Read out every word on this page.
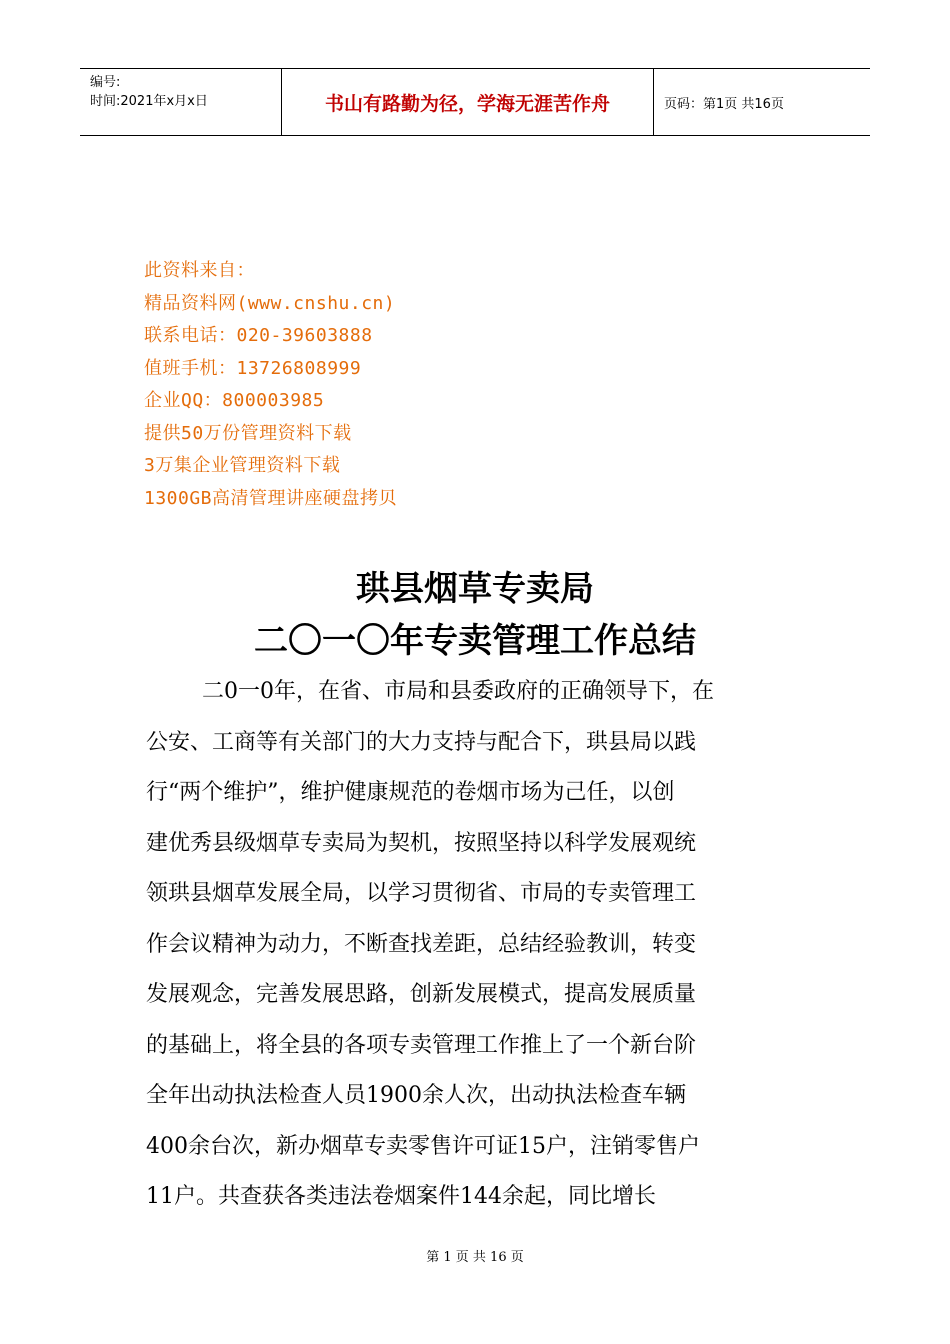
编号:
时间:2021年x月x日	书山有路勤为径，学海无涯苦作舟	页码：第1页 共16页
此资料来自：
精品资料网(www.cnshu.cn)
联系电话：020-39603888
值班手机：13726808999
企业QQ：800003985
提供50万份管理资料下载
3万集企业管理资料下载
1300GB高清管理讲座硬盘拷贝
珙县烟草专卖局
二〇一〇年专卖管理工作总结
二0一0年，在省、市局和县委政府的正确领导下，在
公安、工商等有关部门的大力支持与配合下，珙县局以践
行“两个维护”，维护健康规范的卷烟市场为己任，以创
建优秀县级烟草专卖局为契机，按照坚持以科学发展观统
领珙县烟草发展全局，以学习贯彻省、市局的专卖管理工
作会议精神为动力，不断查找差距，总结经验教训，转变
发展观念，完善发展思路，创新发展模式，提高发展质量
的基础上，将全县的各项专卖管理工作推上了一个新台阶
全年出动执法检查人员1900余人次，出动执法检查车辆
400余台次，新办烟草专卖零售许可证15户，注销零售户
11户。共查获各类违法卷烟案件144余起，同比增长
第 1 页 共 16 页
